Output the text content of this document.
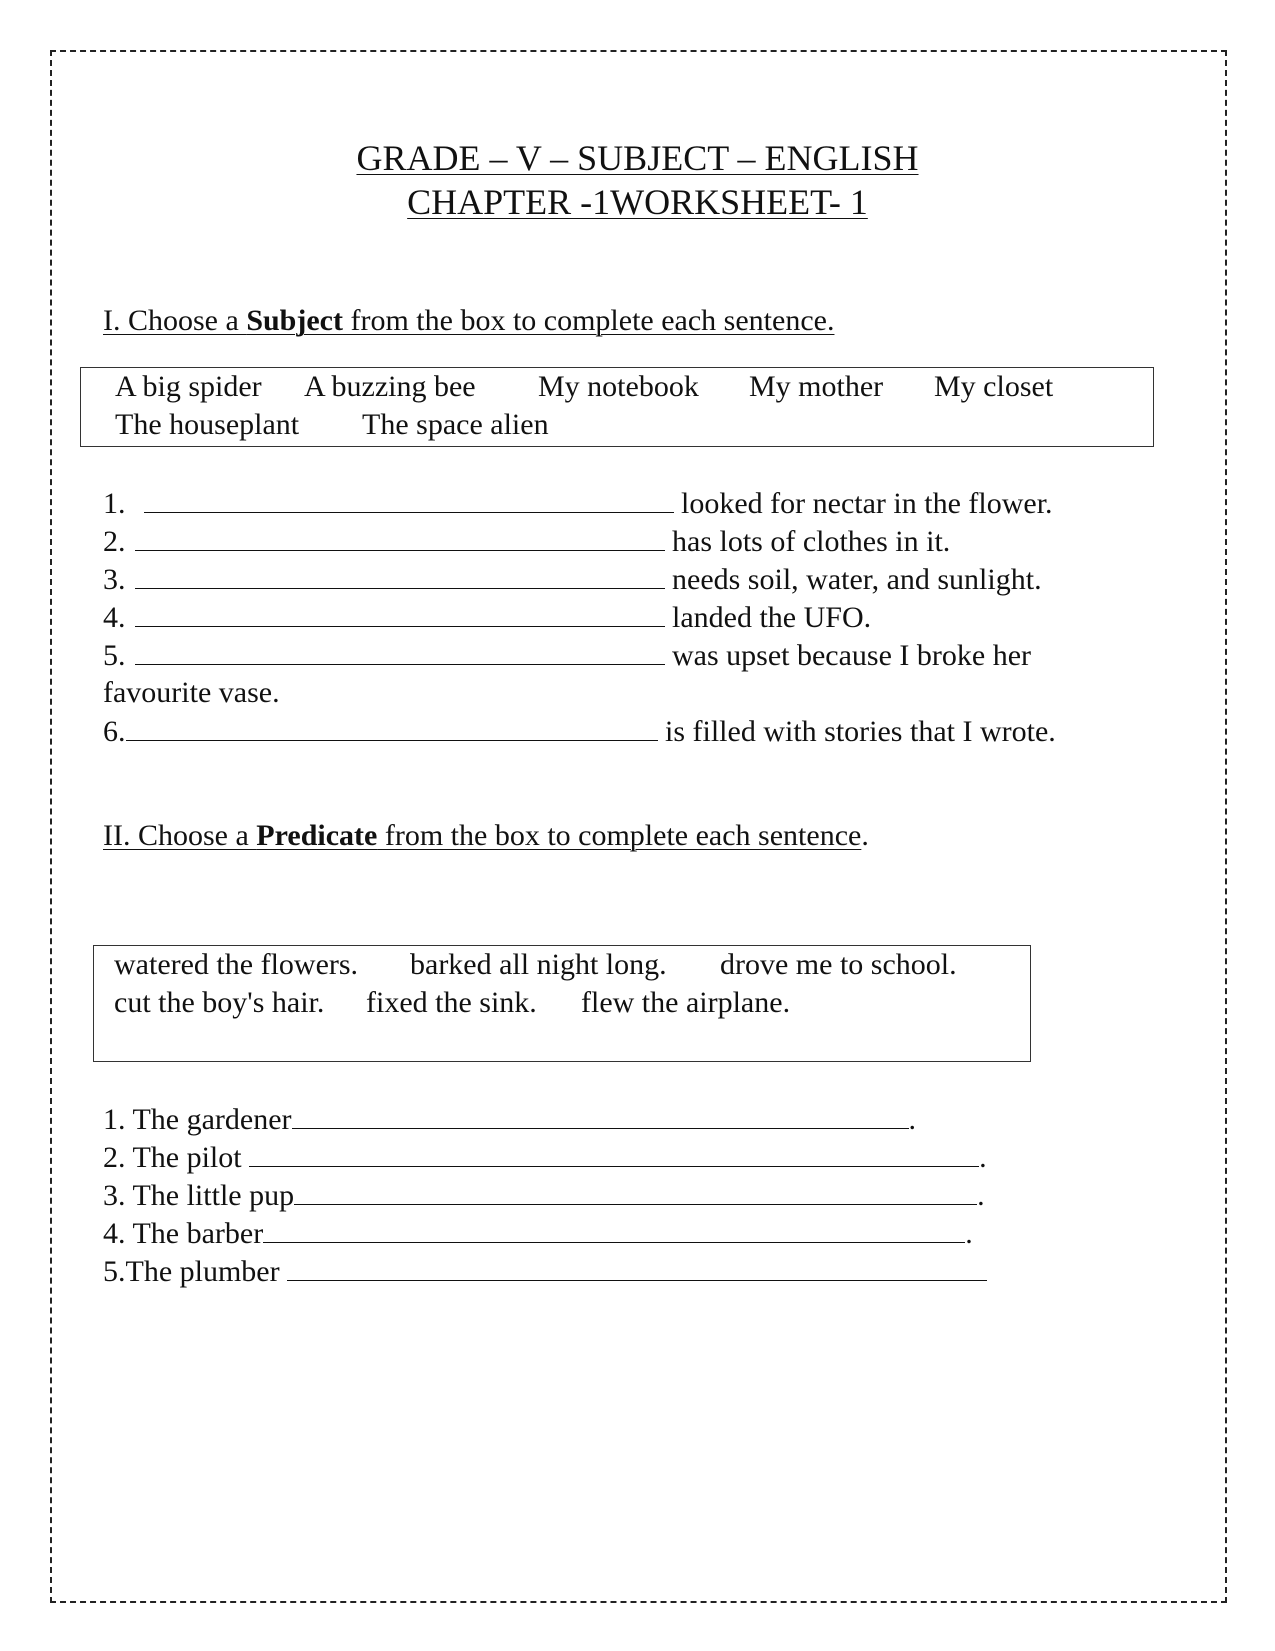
GRADE – V – SUBJECT – ENGLISH
CHAPTER -1WORKSHEET- 1
I. Choose a Subject from the box to complete each sentence.
A big spider A buzzing bee My notebook My mother My closet
The houseplant The space alien
1.	looked for nectar in the flower.
2.	has lots of clothes in it.
3.	needs soil, water, and sunlight.
4.	landed the UFO.
5.	was upset because I broke her
favourite vase.
6.	is filled with stories that I wrote.
II. Choose a Predicate from the box to complete each sentence.
watered the flowers. barked all night long. drove me to school.
cut the boy's hair. fixed the sink. flew the airplane.
1. The gardener	.
2. The pilot	.
3. The little pup	.
4. The barber	.
5.The plumber
